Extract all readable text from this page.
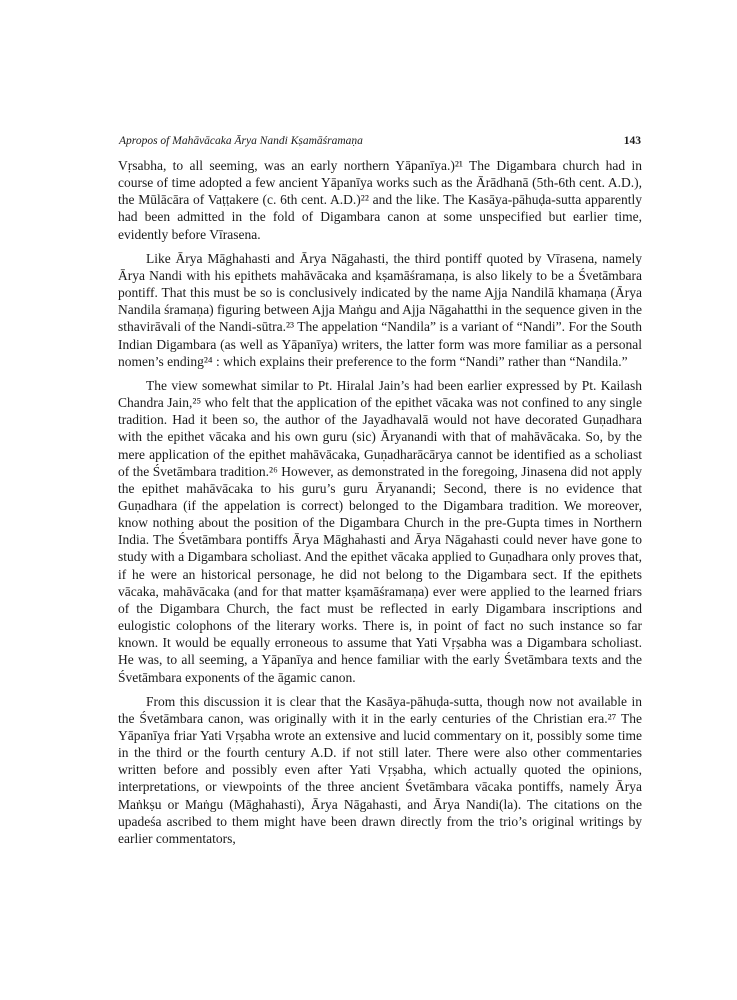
Apropos of Mahāvācaka Ārya Nandi Kṣamāśramaṇa	143

Vṛsabha, to all seeming, was an early northern Yāpanīya.)²¹ The Digambara church had in course of time adopted a few ancient Yāpanīya works such as the Ārādhanā (5th-6th cent. A.D.), the Mūlācāra of Vaṭṭakere (c. 6th cent. A.D.)²² and the like. The Kasāya-pāhuḍa-sutta apparently had been admitted in the fold of Digambara canon at some unspecified but earlier time, evidently before Vīrasena.

Like Ārya Māghahasti and Ārya Nāgahasti, the third pontiff quoted by Vīrasena, namely Ārya Nandi with his epithets mahāvācaka and kṣamāśramaṇa, is also likely to be a Śvetāmbara pontiff. That this must be so is conclusively indicated by the name Ajja Nandilā khamaṇa (Ārya Nandila śramaṇa) figuring between Ajja Maṅgu and Ajja Nāgahatthi in the sequence given in the sthavirāvali of the Nandi-sūtra.²³ The appelation “Nandila” is a variant of “Nandi”. For the South Indian Digambara (as well as Yāpanīya) writers, the latter form was more familiar as a personal nomen’s ending²⁴ : which explains their preference to the form “Nandi” rather than “Nandila.”

The view somewhat similar to Pt. Hiralal Jain’s had been earlier expressed by Pt. Kailash Chandra Jain,²⁵ who felt that the application of the epithet vācaka was not confined to any single tradition. Had it been so, the author of the Jayadhavalā would not have decorated Guṇadhara with the epithet vācaka and his own guru (sic) Āryanandi with that of mahāvācaka. So, by the mere application of the epithet mahāvācaka, Guṇadharācārya cannot be identified as a scholiast of the Śvetāmbara tradition.²⁶ However, as demonstrated in the foregoing, Jinasena did not apply the epithet mahāvācaka to his guru’s guru Āryanandi; Second, there is no evidence that Guṇadhara (if the appelation is correct) belonged to the Digambara tradition. We moreover, know nothing about the position of the Digambara Church in the pre-Gupta times in Northern India. The Śvetāmbara pontiffs Ārya Māghahasti and Ārya Nāgahasti could never have gone to study with a Digambara scholiast. And the epithet vācaka applied to Guṇadhara only proves that, if he were an historical personage, he did not belong to the Digambara sect. If the epithets vācaka, mahāvācaka (and for that matter kṣamāśramaṇa) ever were applied to the learned friars of the Digambara Church, the fact must be reflected in early Digambara inscriptions and eulogistic colophons of the literary works. There is, in point of fact no such instance so far known. It would be equally erroneous to assume that Yati Vṛṣabha was a Digambara scholiast. He was, to all seeming, a Yāpanīya and hence familiar with the early Śvetāmbara texts and the Śvetāmbara exponents of the āgamic canon.

From this discussion it is clear that the Kasāya-pāhuḍa-sutta, though now not available in the Śvetāmbara canon, was originally with it in the early centuries of the Christian era.²⁷ The Yāpanīya friar Yati Vṛṣabha wrote an extensive and lucid commentary on it, possibly some time in the third or the fourth century A.D. if not still later. There were also other commentaries written before and possibly even after Yati Vṛṣabha, which actually quoted the opinions, interpretations, or viewpoints of the three ancient Śvetāmbara vācaka pontiffs, namely Ārya Maṅkṣu or Maṅgu (Māghahasti), Ārya Nāgahasti, and Ārya Nandi(la). The citations on the upadeśa ascribed to them might have been drawn directly from the trio’s original writings by earlier commentators,
